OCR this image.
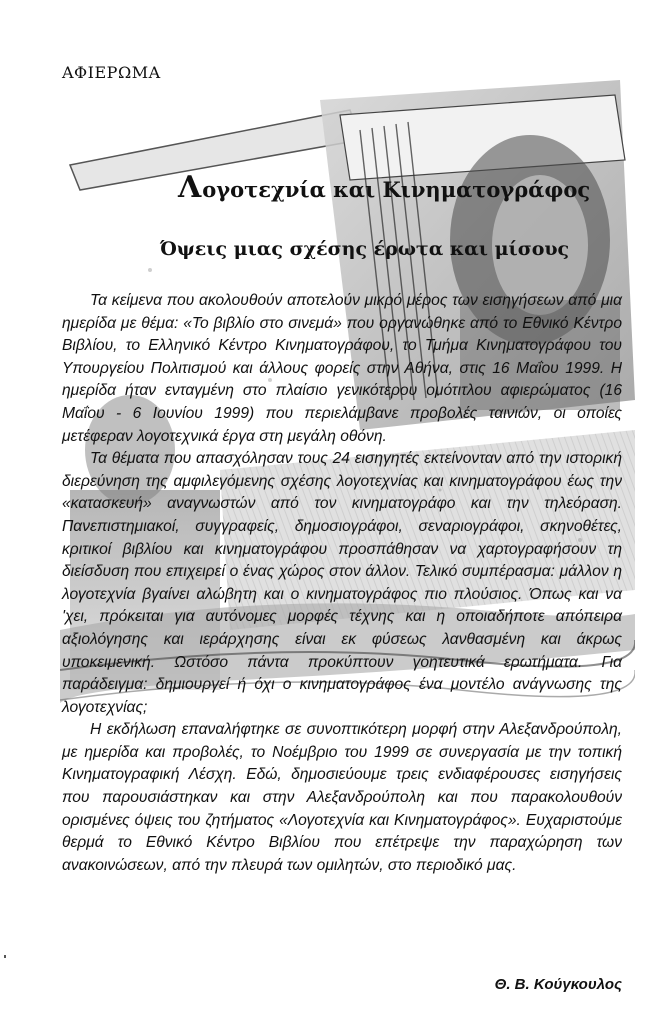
ΑΦΙΕΡΩΜΑ
Λογοτεχνία και Κινηματογράφος
Όψεις μιας σχέσης έρωτα και μίσους

Τα κείμενα που ακολουθούν αποτελούν μικρό μέρος των εισηγήσεων από μια ημερίδα με θέμα: «Το βιβλίο στο σινεμά» που οργανώθηκε από το Εθνικό Κέντρο Βιβλίου, το Ελληνικό Κέντρο Κινηματογράφου, το Τμήμα Κινηματογράφου του Υπουργείου Πολιτισμού και άλλους φορείς στην Αθήνα, στις 16 Μαΐου 1999. Η ημερίδα ήταν ενταγμένη στο πλαίσιο γενικότερου ομότιτλου αφιερώματος (16 Μαΐου - 6 Ιουνίου 1999) που περιελάμβανε προβολές ταινιών, οι οποίες μετέφεραν λογοτεχνικά έργα στη μεγάλη οθόνη.

Τα θέματα που απασχόλησαν τους 24 εισηγητές εκτείνονταν από την ιστορική διερεύνηση της αμφιλεγόμενης σχέσης λογοτεχνίας και κινηματογράφου έως την «κατασκευή» αναγνωστών από τον κινηματογράφο και την τηλεόραση. Πανεπιστημιακοί, συγγραφείς, δημοσιογράφοι, σεναριογράφοι, σκηνοθέτες, κριτικοί βιβλίου και κινηματογράφου προσπάθησαν να χαρτογραφήσουν τη διείσδυση που επιχειρεί ο ένας χώρος στον άλλον. Τελικό συμπέρασμα: μάλλον η λογοτεχνία βγαίνει αλώβητη και ο κινηματογράφος πιο πλούσιος. Όπως και να 'χει, πρόκειται για αυτόνομες μορφές τέχνης και η οποιαδήποτε απόπειρα αξιολόγησης και ιεράρχησης είναι εκ φύσεως λανθασμένη και άκρως υποκειμενική. Ωστόσο πάντα προκύπτουν γοητευτικά ερωτήματα. Για παράδειγμα: δημιουργεί ή όχι ο κινηματογράφος ένα μοντέλο ανάγνωσης της λογοτεχνίας;

Η εκδήλωση επαναλήφτηκε σε συνοπτικότερη μορφή στην Αλεξανδρούπολη, με ημερίδα και προβολές, το Νοέμβριο του 1999 σε συνεργασία με την τοπική Κινηματογραφική Λέσχη. Εδώ, δημοσιεύουμε τρεις ενδιαφέρουσες εισηγήσεις που παρουσιάστηκαν και στην Αλεξανδρούπολη και που παρακολουθούν ορισμένες όψεις του ζητήματος «Λογοτεχνία και Κινηματογράφος». Ευχαριστούμε θερμά το Εθνικό Κέντρο Βιβλίου που επέτρεψε την παραχώρηση των ανακοινώσεων, από την πλευρά των ομιλητών, στο περιοδικό μας.

Θ. Β. Κούγκουλος
